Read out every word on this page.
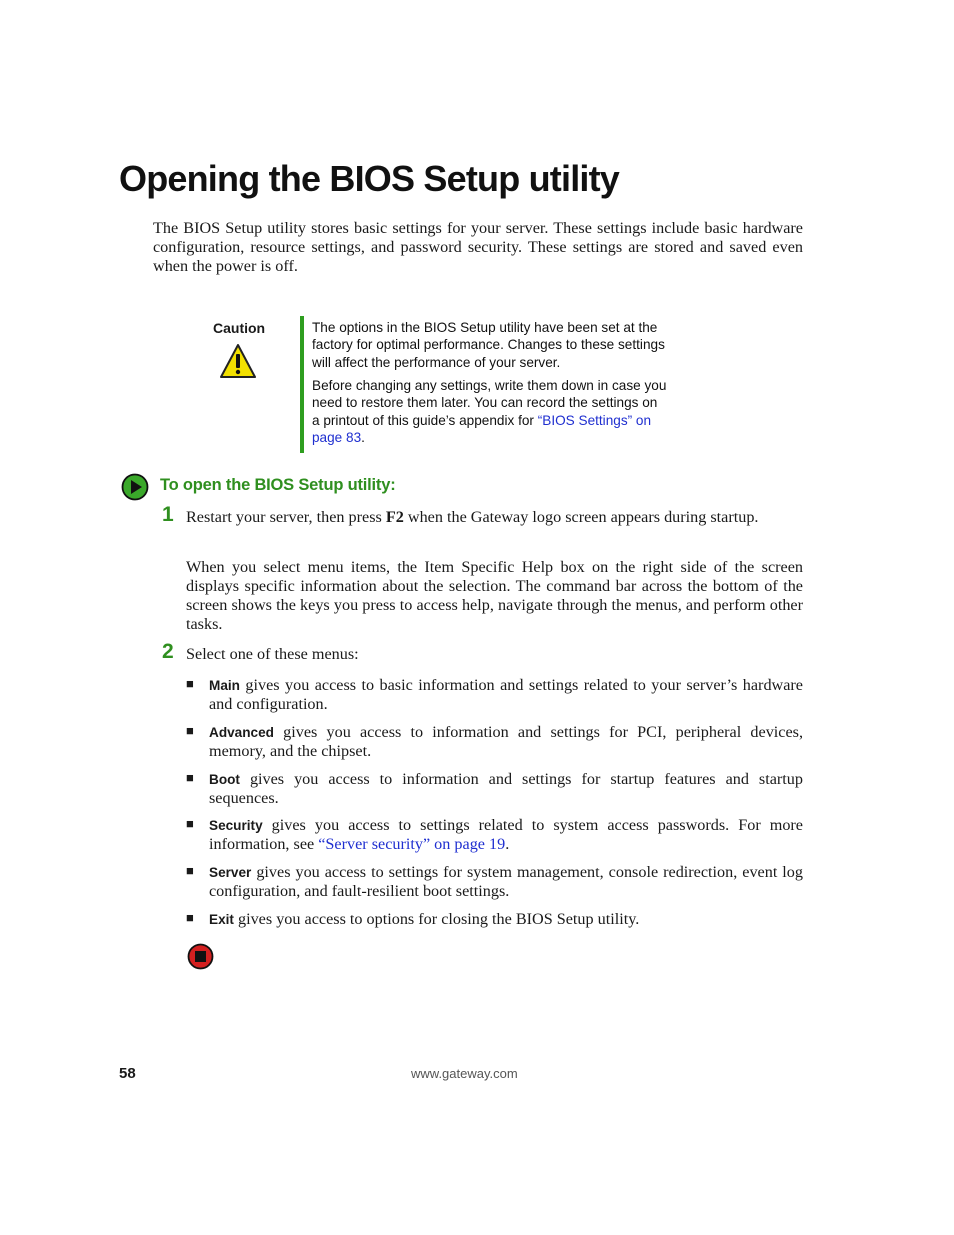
Opening the BIOS Setup utility
The BIOS Setup utility stores basic settings for your server. These settings include basic hardware configuration, resource settings, and password security. These settings are stored and saved even when the power is off.
Caution	The options in the BIOS Setup utility have been set at the factory for optimal performance. Changes to these settings will affect the performance of your server.
Before changing any settings, write them down in case you need to restore them later. You can record the settings on a printout of this guide’s appendix for “BIOS Settings” on page 83.
To open the BIOS Setup utility:
1 Restart your server, then press F2 when the Gateway logo screen appears during startup.
When you select menu items, the Item Specific Help box on the right side of the screen displays specific information about the selection. The command bar across the bottom of the screen shows the keys you press to access help, navigate through the menus, and perform other tasks.
2 Select one of these menus:
■ Main gives you access to basic information and settings related to your server’s hardware and configuration.
■ Advanced gives you access to information and settings for PCI, peripheral devices, memory, and the chipset.
■ Boot gives you access to information and settings for startup features and startup sequences.
■ Security gives you access to settings related to system access passwords. For more information, see “Server security” on page 19.
■ Server gives you access to settings for system management, console redirection, event log configuration, and fault-resilient boot settings.
■ Exit gives you access to options for closing the BIOS Setup utility.
58	www.gateway.com
